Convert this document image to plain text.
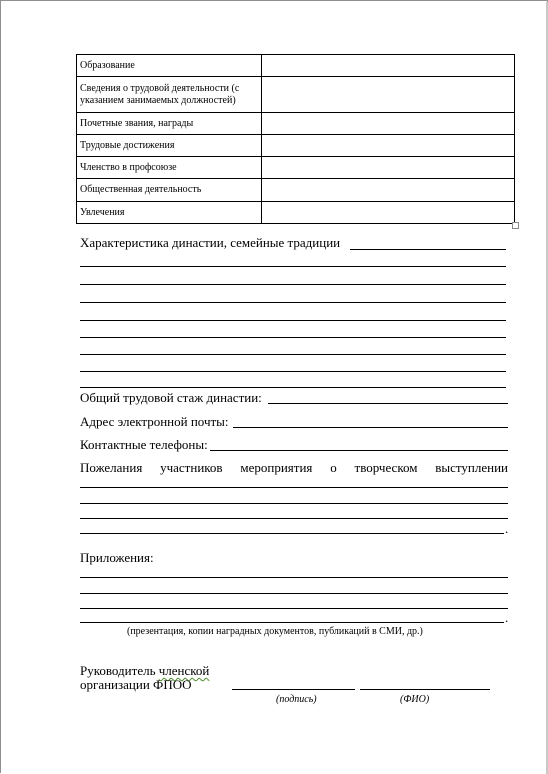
Образование	
Сведения о трудовой деятельности (с указанием занимаемых должностей)	
Почетные звания, награды	
Трудовые достижения	
Членство в профсоюзе	
Общественная деятельность	
Увлечения	
Характеристика династии, семейные традиции
Общий трудовой стаж династии:
Адрес электронной почты:
Контактные телефоны:
Пожелания участников мероприятия о творческом выступлении
.
Приложения:
.
(презентация, копии наградных документов, публикаций в СМИ, др.)
Руководитель членской
организации ФПОО
(подпись)	(ФИО)
